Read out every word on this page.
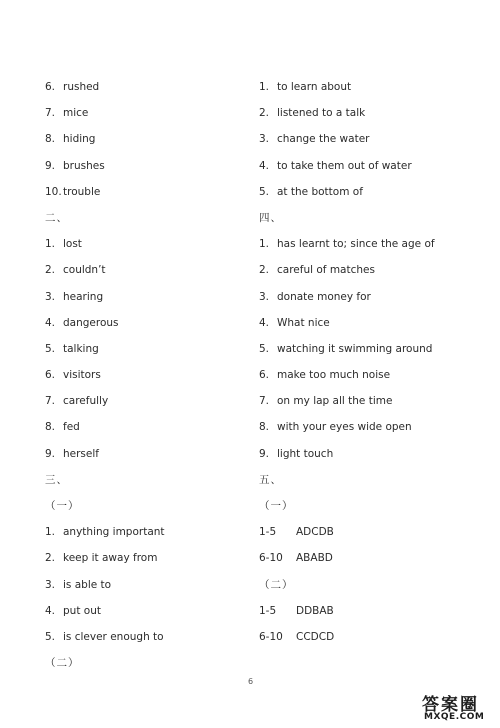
6. rushed
7. mice
8. hiding
9. brushes
10.trouble
二、
1. lost
2. couldn’t
3. hearing
4. dangerous
5. talking
6. visitors
7. carefully
8. fed
9. herself
三、
（一）
1. anything important
2. keep it away from
3. is able to
4. put out
5. is clever enough to
（二）
1. to learn about
2. listened to a talk
3. change the water
4. to take them out of water
5. at the bottom of
四、
1. has learnt to; since the age of
2. careful of matches
3. donate money for
4. What nice
5. watching it swimming around
6. make too much noise
7. on my lap all the time
8. with your eyes wide open
9. light touch
五、
（一）
1-5 ADCDB
6-10 ABABD
（二）
1-5 DDBAB
6-10 CCDCD
6
答案圈
MXQE.COM
